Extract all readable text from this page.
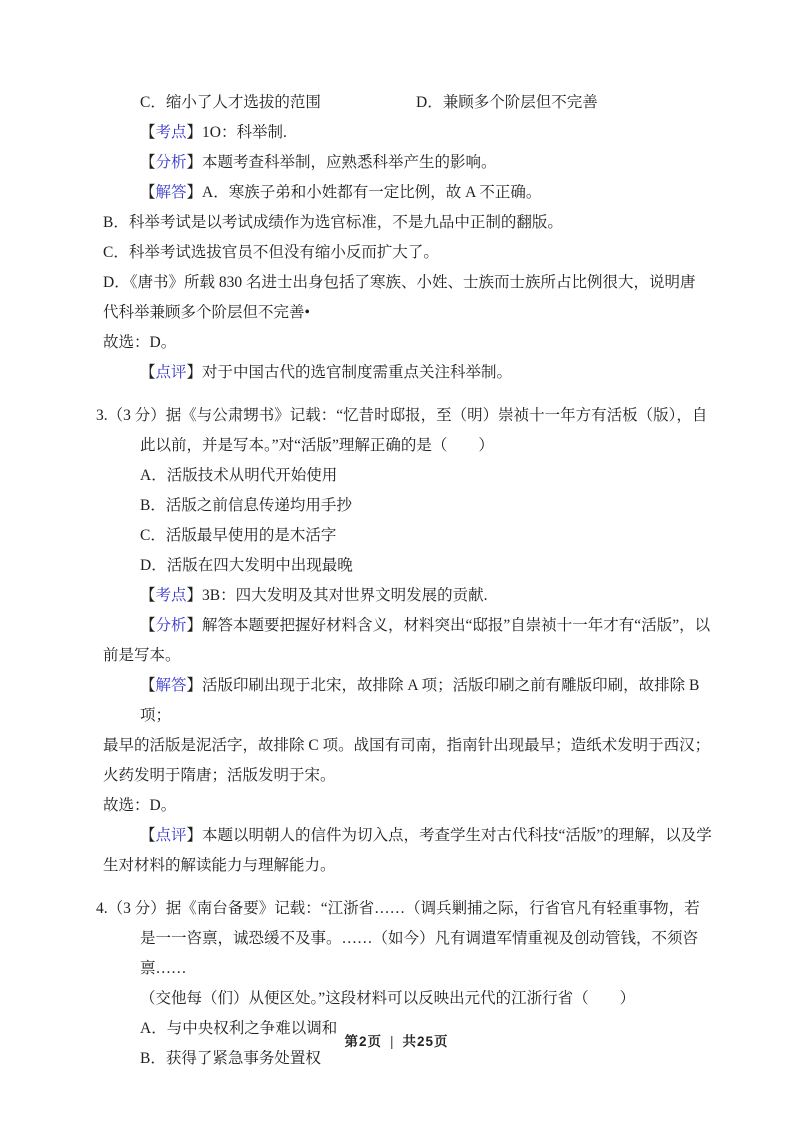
C．缩小了人才选拔的范围	D．兼顾多个阶层但不完善
【考点】1O：科举制.
【分析】本题考查科举制，应熟悉科举产生的影响。
【解答】A．寒族子弟和小姓都有一定比例，故 A 不正确。
B．科举考试是以考试成绩作为选官标准，不是九品中正制的翻版。
C．科举考试选拔官员不但没有缩小反而扩大了。
D．《唐书》所载 830 名进士出身包括了寒族、小姓、士族而士族所占比例很大，说明唐
代科举兼顾多个阶层但不完善•
故选：D。
【点评】对于中国古代的选官制度需重点关注科举制。
3.（3 分）据《与公肃甥书》记载：“忆昔时邸报，至（明）崇祯十一年方有活板（版），自
此以前，并是写本。”对“活版”理解正确的是（　　）
A．活版技术从明代开始使用
B．活版之前信息传递均用手抄
C．活版最早使用的是木活字
D．活版在四大发明中出现最晚
【考点】3B：四大发明及其对世界文明发展的贡献.
【分析】解答本题要把握好材料含义，材料突出“邸报”自崇祯十一年才有“活版”，以
前是写本。
【解答】活版印刷出现于北宋，故排除 A 项；活版印刷之前有雕版印刷，故排除 B 项；
最早的活版是泥活字，故排除 C 项。战国有司南，指南针出现最早；造纸术发明于西汉；
火药发明于隋唐；活版发明于宋。
故选：D。
【点评】本题以明朝人的信件为切入点，考查学生对古代科技“活版”的理解，以及学
生对材料的解读能力与理解能力。
4.（3 分）据《南台备要》记载：“江浙省……（调兵剿捕之际，行省官凡有轻重事物，若
是一一咨禀，诚恐缓不及事。……（如今）凡有调遣军情重视及创动管钱，不须咨禀……
（交他每（们）从便区处。”这段材料可以反映出元代的江浙行省（　　）
A．与中央权利之争难以调和
B．获得了紧急事务处置权
第2页 | 共25页
